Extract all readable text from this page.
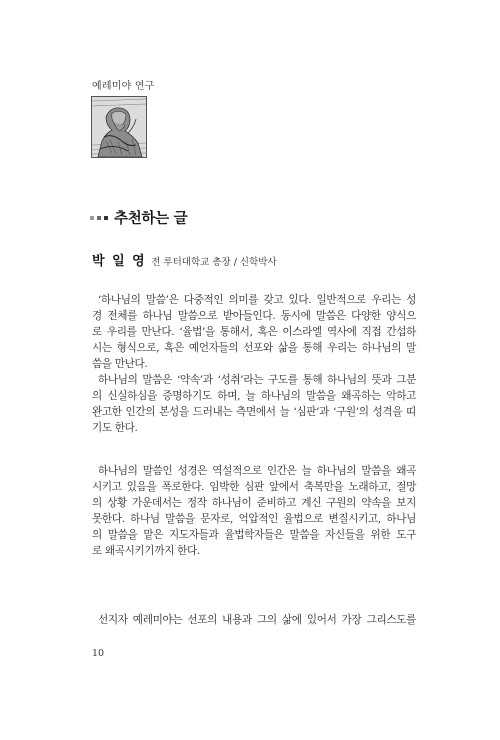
예레미야 연구
추천하는 글
박 일 영 전 루터대학교 총장 / 신학박사

‘하나님의 말씀’은 다중적인 의미를 갖고 있다. 일반적으로 우리는 성

경 전체를 하나님 말씀으로 받아들인다. 동시에 말씀은 다양한 양식으

로 우리를 만난다. ‘율법’을 통해서, 혹은 이스라엘 역사에 직접 간섭하

시는 형식으로, 혹은 예언자들의 선포와 삶을 통해 우리는 하나님의 말

씀을 만난다.

하나님의 말씀은 ‘약속’과 ‘성취’라는 구도를 통해 하나님의 뜻과 그분

의 신실하심을 증명하기도 하며, 늘 하나님의 말씀을 왜곡하는 악하고

완고한 인간의 본성을 드러내는 측면에서 늘 ‘심판’과 ‘구원’의 성격을 띠

기도 한다.

하나님의 말씀인 성경은 역설적으로 인간은 늘 하나님의 말씀을 왜곡

시키고 있음을 폭로한다. 임박한 심판 앞에서 축복만을 노래하고, 절망

의 상황 가운데서는 정작 하나님이 준비하고 계신 구원의 약속을 보지

못한다. 하나님 말씀을 문자로, 억압적인 율법으로 변질시키고, 하나님

의 말씀을 맡은 지도자들과 율법학자들은 말씀을 자신들을 위한 도구

로 왜곡시키기까지 한다.

선지자 예레미야는 선포의 내용과 그의 삶에 있어서 가장 그리스도를

10
